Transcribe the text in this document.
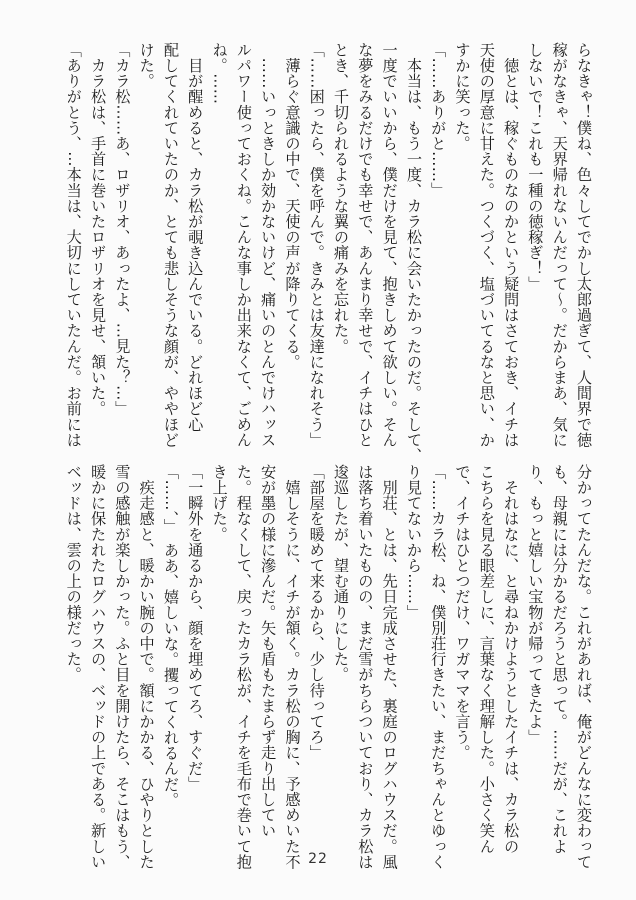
らなきゃ！僕ね、色々してでかし太郎過ぎて、人間界で徳
稼がなきゃ、天界帰れないんだって〜。だからまあ、気に
しないで！これも一種の徳稼ぎ！」
　徳とは、稼ぐものなのかという疑問はさておき、イチは
天使の厚意に甘えた。つくづく、塩づいてるなと思い、か
すかに笑った。
「……ありがと……」
　本当は、もう一度、カラ松に会いたかったのだ。そして、
一度でいいから、僕だけを見て、抱きしめて欲しい。そん
な夢をみるだけでも幸せで、あんまり幸せで、イチはひと
とき、千切られるような翼の痛みを忘れた。
「……困ったら、僕を呼んで。きみとは友達になれそう」
　薄らぐ意識の中で、天使の声が降りてくる。
　……いっときしか効かないけど、痛いのとんでけハッス
ルパワー使っておくね。こんな事しか出来なくて、ごめん
ね。……
　目が醒めると、カラ松が覗き込んでいる。どれほど心
配してくれていたのか、とても悲しそうな顔が、ややほど
けた。
「カラ松……あ、ロザリオ、あったよ、…見た？…」
　カラ松は、手首に巻いたロザリオを見せ、頷いた。
「ありがとう、…本当は、大切にしていたんだ。お前には
分かってたんだな。これがあれば、俺がどんなに変わって
も、母親には分かるだろうと思って。……だが、これよ
り、もっと嬉しい宝物が帰ってきたよ」
　それはなに、と尋ねかけようとしたイチは、カラ松の
こちらを見る眼差しに、言葉なく理解した。小さく笑ん
で、イチはひとつだけ、ワガママを言う。
「……カラ松、ね、僕別荘行きたい、まだちゃんとゆっく
り見てないから……」
　別荘、とは、先日完成させた、裏庭のログハウスだ。風
は落ち着いたものの、まだ雪がちらついており、カラ松は
逡巡したが、望む通りにした。
「部屋を暖めて来るから、少し待ってろ」
　嬉しそうに、イチが頷く。カラ松の胸に、予感めいた不
安が墨の様に滲んだ。矢も盾もたまらず走り出してい
た。程なくして、戻ったカラ松が、イチを毛布で巻いて抱
き上げた。
「一瞬外を通るから、顔を埋めてろ、すぐだ」
「……、」　ああ、嬉しいな。攫ってくれるんだ。
　疾走感と、暖かい腕の中で。額にかかる、ひやりとした
雪の感触が楽しかった。ふと目を開けたら、そこはもう、
暖かに保たれたログハウスの、ベッドの上である。新しい
ベッドは、雲の上の様だった。
22
